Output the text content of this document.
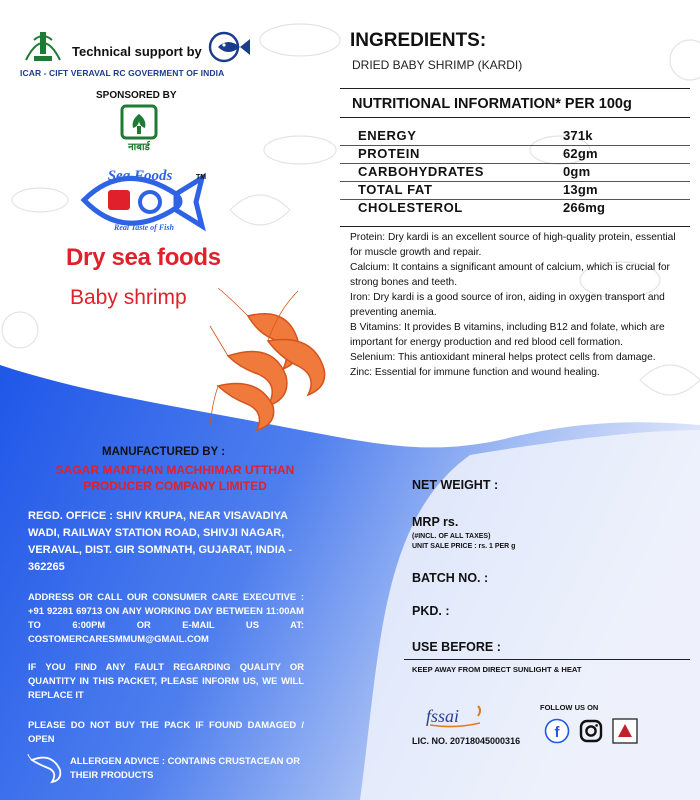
Technical support by
ICAR - CIFT VERAVAL RC GOVERMENT OF INDIA
SPONSORED BY
नाबार्ड
Sea Foods
Real Taste of Fish
TM
Dry sea foods
Baby shrimp
INGREDIENTS:
DRIED BABY SHRIMP (KARDI)
NUTRITIONAL INFORMATION* PER 100g
ENERGY	371k
PROTEIN	62gm
CARBOHYDRATES	0gm
TOTAL FAT	13gm
CHOLESTEROL	266mg

Protein: Dry kardi is an excellent source of high-quality protein, essential for muscle growth and repair.

Calcium: It contains a significant amount of calcium, which is crucial for strong bones and teeth.

Iron: Dry kardi is a good source of iron, aiding in oxygen transport and preventing anemia.

B Vitamins: It provides B vitamins, including B12 and folate, which are important for energy production and red blood cell formation.

Selenium: This antioxidant mineral helps protect cells from damage.

Zinc: Essential for immune function and wound healing.

MANUFACTURED BY :
SAGAR MANTHAN MACHHIMAR UTTHAN PRODUCER COMPANY LIMITED
REGD. OFFICE : SHIV KRUPA, NEAR VISAVADIYA WADI, RAILWAY STATION ROAD, SHIVJI NAGAR, VERAVAL, DIST. GIR SOMNATH, GUJARAT, INDIA - 362265
ADDRESS OR CALL OUR CONSUMER CARE EXECUTIVE : +91 92281 69713 ON ANY WORKING DAY BETWEEN 11:00AM TO 6:00PM OR E-MAIL US AT: COSTOMERCARESMMUM@GMAIL.COM
IF YOU FIND ANY FAULT REGARDING QUALITY OR QUANTITY IN THIS PACKET, PLEASE INFORM US, WE WILL REPLACE IT
PLEASE DO NOT BUY THE PACK IF FOUND DAMAGED / OPEN
ALLERGEN ADVICE : CONTAINS CRUSTACEAN OR THEIR PRODUCTS
NET WEIGHT :
MRP rs.
(#INCL. OF ALL TAXES)
UNIT SALE PRICE : rs. 1 PER g
BATCH NO. :
PKD. :
USE BEFORE :
KEEP AWAY FROM DIRECT SUNLIGHT & HEAT
fssai
LIC. NO. 20718045000316
FOLLOW US ON
f
